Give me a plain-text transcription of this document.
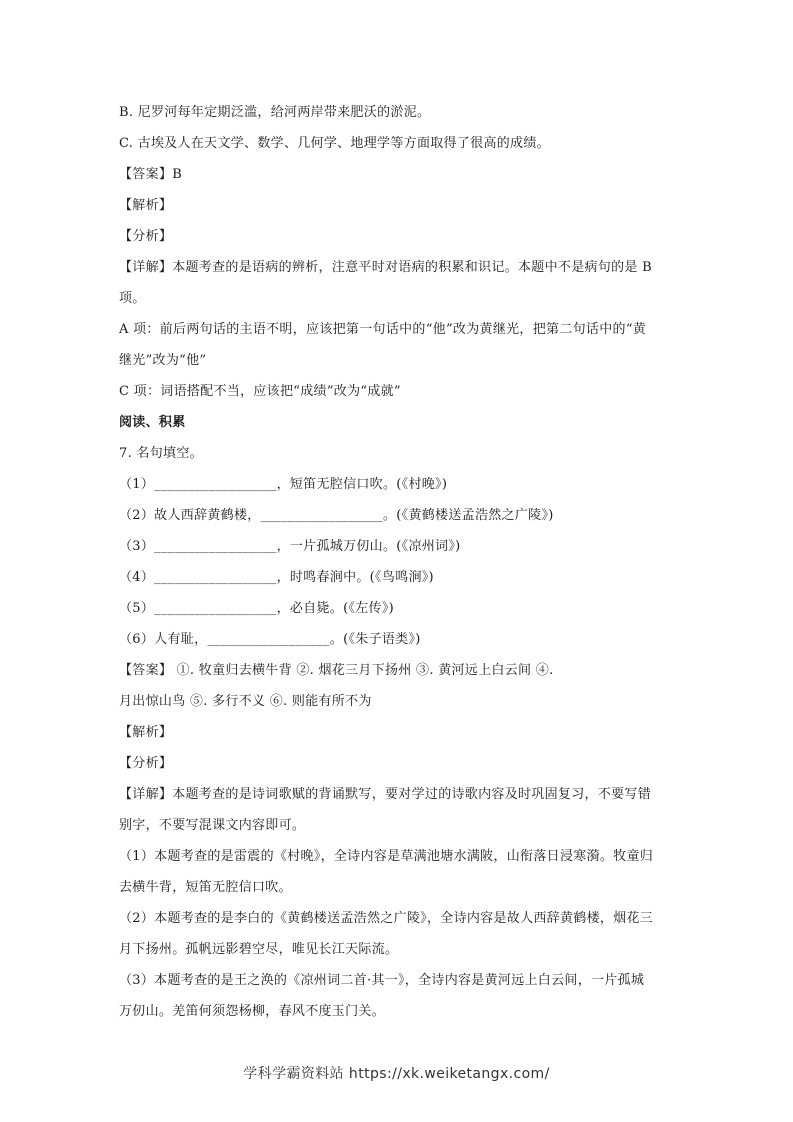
B. 尼罗河每年定期泛滥，给河两岸带来肥沃的淤泥。
C. 古埃及人在天文学、数学、几何学、地理学等方面取得了很高的成绩。
【答案】B
【解析】
【分析】
【详解】本题考查的是语病的辨析，注意平时对语病的积累和识记。本题中不是病句的是 B
项。
A 项：前后两句话的主语不明，应该把第一句话中的“他”改为黄继光，把第二句话中的“黄
继光”改为“他”
C 项：词语搭配不当，应该把“成绩”改为“成就”
阅读、积累
7. 名句填空。
（1）__________________，短笛无腔信口吹。(《村晚》)
（2）故人西辞黄鹤楼，__________________。(《黄鹤楼送孟浩然之广陵》)
（3）__________________，一片孤城万仞山。(《凉州词》)
（4）__________________，时鸣春涧中。(《鸟鸣涧》)
（5）__________________，必自毙。(《左传》)
（6）人有耻，__________________。(《朱子语类》)
【答案】 ①. 牧童归去横牛背 ②. 烟花三月下扬州 ③. 黄河远上白云间 ④.
月出惊山鸟 ⑤. 多行不义 ⑥. 则能有所不为
【解析】
【分析】
【详解】本题考查的是诗词歌赋的背诵默写，要对学过的诗歌内容及时巩固复习，不要写错
别字，不要写混课文内容即可。
（1）本题考查的是雷震的《村晚》，全诗内容是草满池塘水满陂，山衔落日浸寒漪。牧童归
去横牛背，短笛无腔信口吹。
（2）本题考查的是李白的《黄鹤楼送孟浩然之广陵》，全诗内容是故人西辞黄鹤楼，烟花三
月下扬州。孤帆远影碧空尽，唯见长江天际流。
（3）本题考查的是王之涣的《凉州词二首·其一》，全诗内容是黄河远上白云间，一片孤城
万仞山。羌笛何须怨杨柳，春风不度玉门关。
学科学霸资料站 https://xk.weiketangx.com/
